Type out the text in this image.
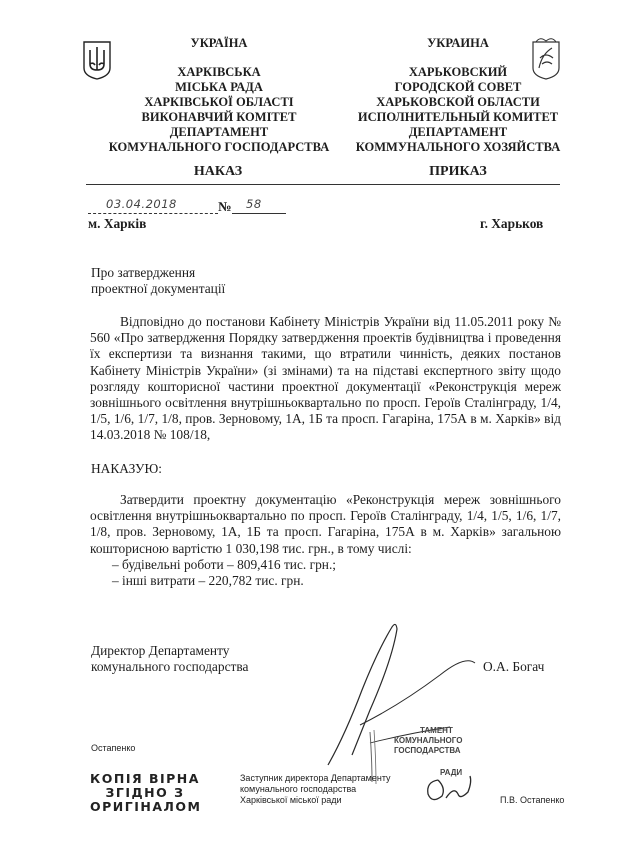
УКРАЇНА
ХАРКІВСЬКА
МІСЬКА РАДА
ХАРКІВСЬКОЇ ОБЛАСТІ
ВИКОНАВЧИЙ КОМІТЕТ
ДЕПАРТАМЕНТ
КОМУНАЛЬНОГО ГОСПОДАРСТВА
УКРАИНА
ХАРЬКОВСКИЙ
ГОРОДСКОЙ СОВЕТ
ХАРЬКОВСКОЙ ОБЛАСТИ
ИСПОЛНИТЕЛЬНЫЙ КОМИТЕТ
ДЕПАРТАМЕНТ
КОММУНАЛЬНОГО ХОЗЯЙСТВА
НАКАЗ	ПРИКАЗ
03.04.2018	№ 58
м. Харків	г. Харьков
Про затвердження
проектної документації

Відповідно до постанови Кабінету Міністрів України від 11.05.2011 року № 560 «Про затвердження Порядку затвердження проектів будівництва і проведення їх експертизи та визнання такими, що втратили чинність, деяких постанов Кабінету Міністрів України» (зі змінами) та на підставі експертного звіту щодо розгляду кошторисної частини проектної документації «Реконструкція мереж зовнішнього освітлення внутрішньоквартально по просп. Героїв Сталінграду, 1/4, 1/5, 1/6, 1/7, 1/8, пров. Зерновому, 1А, 1Б та просп. Гагаріна, 175А в м. Харків» від 14.03.2018 № 108/18,

НАКАЗУЮ:

Затвердити проектну документацію «Реконструкція мереж зовнішнього освітлення внутрішньоквартально по просп. Героїв Сталінграду, 1/4, 1/5, 1/6, 1/7, 1/8, пров. Зерновому, 1А, 1Б та просп. Гагаріна, 175А в м. Харків» загальною кошторисною вартістю 1 030,198 тис. грн., в тому числі:

– будівельні роботи – 809,416 тис. грн.;
– інші витрати – 220,782 тис. грн.
Директор Департаменту
комунального господарства	О.А. Богач
Остапенко
КОПІЯ ВІРНА
ЗГІДНО З
ОРИГІНАЛОМ
ТАМЕНТ
КОМУНАЛЬНОГО
ГОСПОДАРСТВА
РАДИ
Заступник директора Департаменту
комунального господарства
Харківської міської ради	П.В. Остапенко
